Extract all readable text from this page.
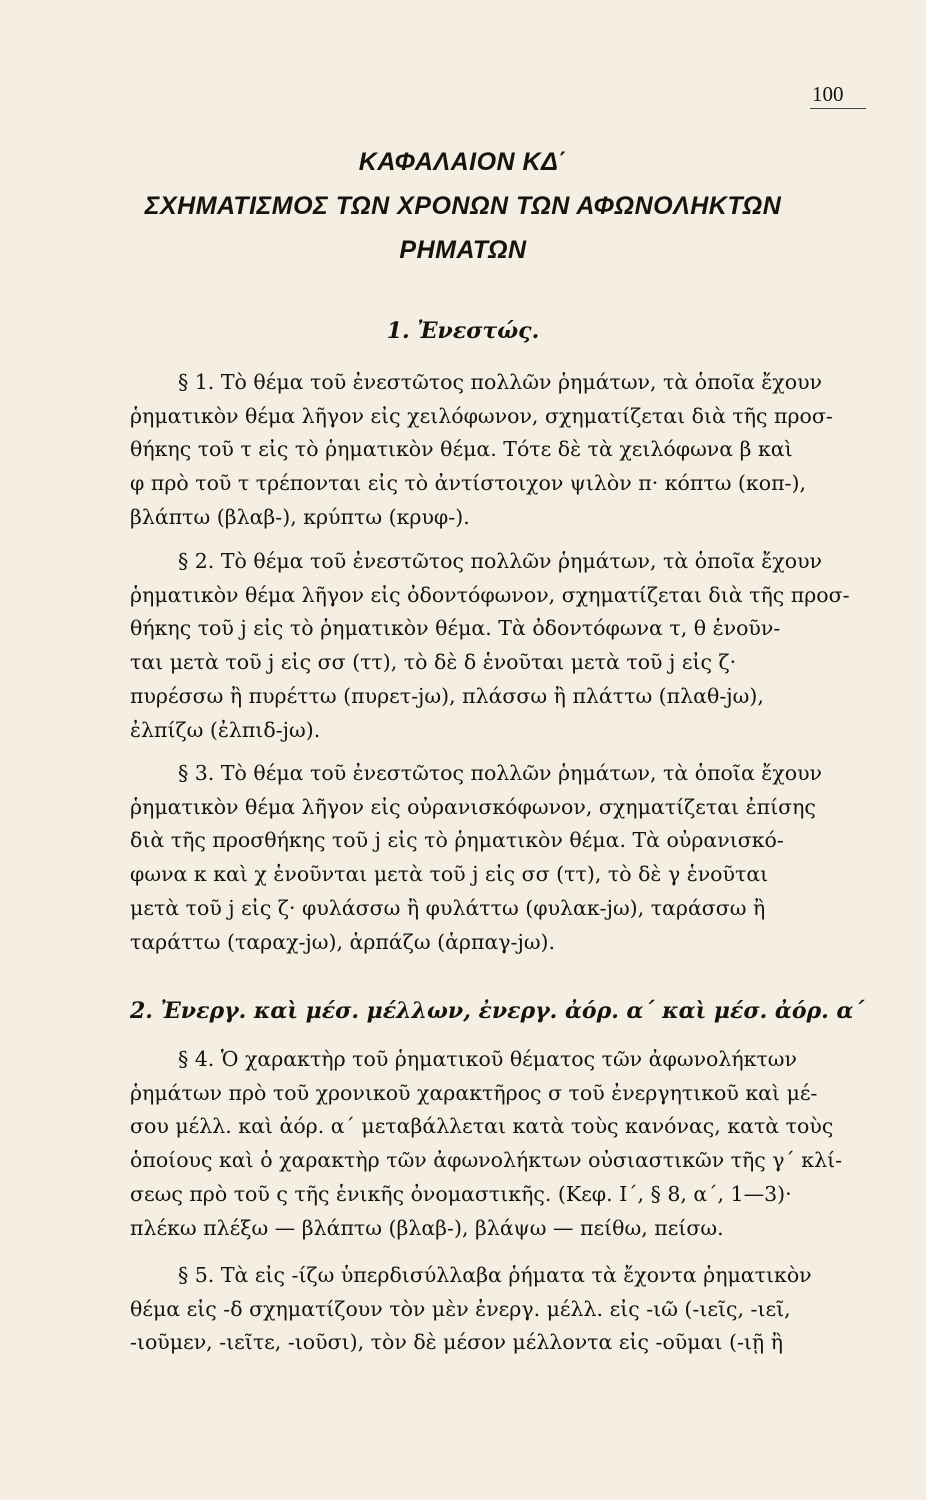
100

ΚΑΦΑΛΑΙΟΝ ΚΔ΄

ΣΧΗΜΑΤΙΣΜΟΣ ΤΩΝ ΧΡΟΝΩΝ ΤΩΝ ΑΦΩΝΟΛΗΚΤΩΝ

ΡΗΜΑΤΩΝ

1. Ἐνεστώς.
§ 1. Τὸ θέμα τοῦ ἐνεστῶτος πολλῶν ῥημάτων, τὰ ὁποῖα ἔχουν
ῥηματικὸν θέμα λῆγον εἰς χειλόφωνον, σχηματίζεται διὰ τῆς προσ-
θήκης τοῦ τ εἰς τὸ ῥηματικὸν θέμα. Τότε δὲ τὰ χειλόφωνα β καὶ
φ πρὸ τοῦ τ τρέπονται εἰς τὸ ἀντίστοιχον ψιλὸν π· κόπτω (κοπ-),
βλάπτω (βλαβ-), κρύπτω (κρυφ-).
§ 2. Τὸ θέμα τοῦ ἐνεστῶτος πολλῶν ῥημάτων, τὰ ὁποῖα ἔχουν
ῥηματικὸν θέμα λῆγον εἰς ὀδοντόφωνον, σχηματίζεται διὰ τῆς προσ-
θήκης τοῦ j εἰς τὸ ῥηματικὸν θέμα. Τὰ ὀδοντόφωνα τ, θ ἑνοῦν-
ται μετὰ τοῦ j εἰς σσ (ττ), τὸ δὲ δ ἑνοῦται μετὰ τοῦ j εἰς ζ·
πυρέσσω ἢ πυρέττω (πυρετ-jω), πλάσσω ἢ πλάττω (πλαθ-jω),
ἐλπίζω (ἐλπιδ-jω).
§ 3. Τὸ θέμα τοῦ ἐνεστῶτος πολλῶν ῥημάτων, τὰ ὁποῖα ἔχουν
ῥηματικὸν θέμα λῆγον εἰς οὐρανισκόφωνον, σχηματίζεται ἐπίσης
διὰ τῆς προσθήκης τοῦ j εἰς τὸ ῥηματικὸν θέμα. Τὰ οὐρανισκό-
φωνα κ καὶ χ ἑνοῦνται μετὰ τοῦ j εἰς σσ (ττ), τὸ δὲ γ ἑνοῦται
μετὰ τοῦ j εἰς ζ· φυλάσσω ἢ φυλάττω (φυλακ-jω), ταράσσω ἢ
ταράττω (ταραχ-jω), ἁρπάζω (ἁρπαγ-jω).
2. Ἐνεργ. καὶ μέσ. μέλλων, ἐνεργ. ἀόρ. α΄ καὶ μέσ. ἀόρ. α΄
§ 4. Ὁ χαρακτὴρ τοῦ ῥηματικοῦ θέματος τῶν ἀφωνολήκτων
ῥημάτων πρὸ τοῦ χρονικοῦ χαρακτῆρος σ τοῦ ἐνεργητικοῦ καὶ μέ-
σου μέλλ. καὶ ἀόρ. α΄ μεταβάλλεται κατὰ τοὺς κανόνας, κατὰ τοὺς
ὁποίους καὶ ὁ χαρακτὴρ τῶν ἀφωνολήκτων οὐσιαστικῶν τῆς γ΄ κλί-
σεως πρὸ τοῦ ς τῆς ἑνικῆς ὀνομαστικῆς. (Κεφ. Ι΄, § 8, α΄, 1—3)·
πλέκω πλέξω — βλάπτω (βλαβ-), βλάψω — πείθω, πείσω.
§ 5. Τὰ εἰς -ίζω ὑπερδισύλλαβα ῥήματα τὰ ἔχοντα ῥηματικὸν
θέμα εἰς -δ σχηματίζουν τὸν μὲν ἐνεργ. μέλλ. εἰς -ιῶ (-ιεῖς, -ιεῖ,
-ιοῦμεν, -ιεῖτε, -ιοῦσι), τὸν δὲ μέσον μέλλοντα εἰς -οῦμαι (-ιῇ ἢ
